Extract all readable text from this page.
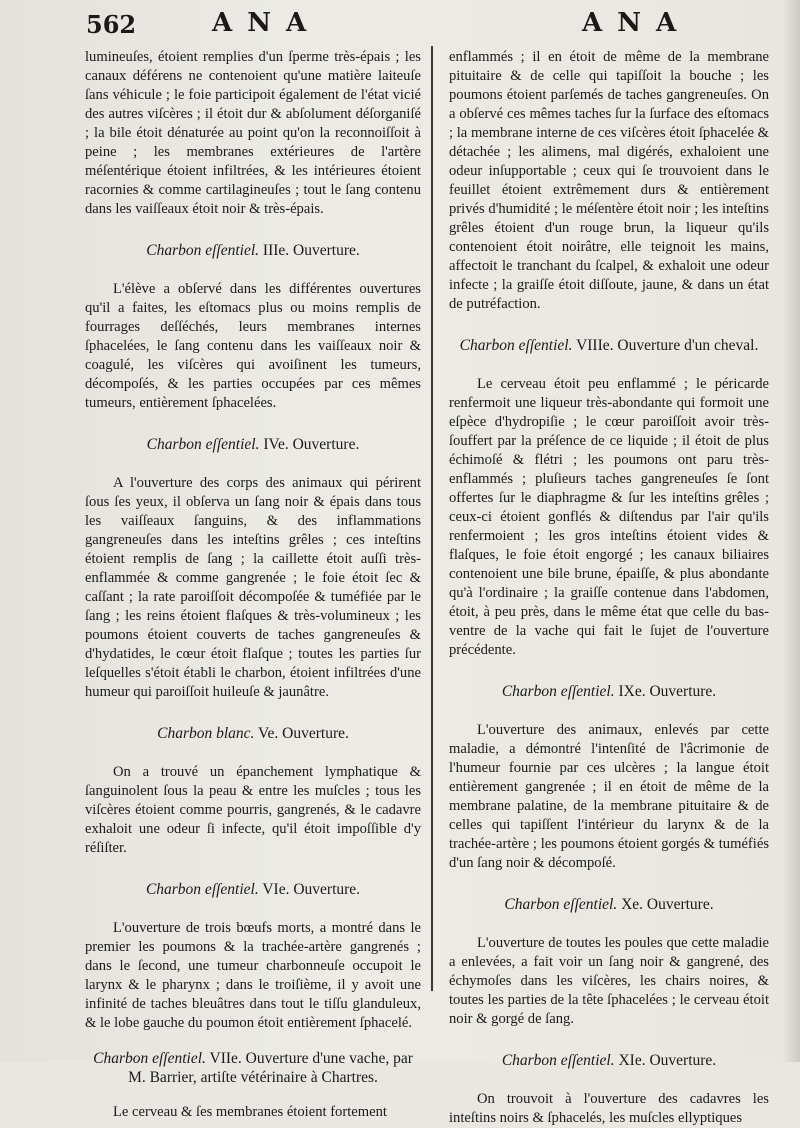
562	A N A	A N A

lumineuſes, étoient remplies d'un ſperme très-épais ; les canaux déférens ne contenoient qu'une matière laiteuſe ſans véhicule ; le foie participoit également de l'état vicié des autres viſcères ; il étoit dur & abſolument déſorganiſé ; la bile étoit dénaturée au point qu'on la reconnoiſſoit à peine ; les membranes extérieures de l'artère méſentérique étoient infiltrées, & les intérieures étoient racornies & comme cartilagineuſes ; tout le ſang contenu dans les vaiſſeaux étoit noir & très-épais.

Charbon eſſentiel. IIIe. Ouverture.

L'élève a obſervé dans les différentes ouvertures qu'il a faites, les eſtomacs plus ou moins remplis de fourrages deſſéchés, leurs membranes internes ſphacelées, le ſang contenu dans les vaiſſeaux noir & coagulé, les viſcères qui avoiſinent les tumeurs, décompoſés, & les parties occupées par ces mêmes tumeurs, entièrement ſphacelées.

Charbon eſſentiel. IVe. Ouverture.

A l'ouverture des corps des animaux qui périrent ſous ſes yeux, il obſerva un ſang noir & épais dans tous les vaiſſeaux ſanguins, & des inflammations gangreneuſes dans les inteſtins grêles ; ces inteſtins étoient remplis de ſang ; la caillette étoit auſſi très-enflammée & comme gangrenée ; le foie étoit ſec & caſſant ; la rate paroiſſoit décompoſée & tuméfiée par le ſang ; les reins étoient flaſques & très-volumineux ; les poumons étoient couverts de taches gangreneuſes & d'hydatides, le cœur étoit flaſque ; toutes les parties ſur leſquelles s'étoit établi le charbon, étoient infiltrées d'une humeur qui paroiſſoit huileuſe & jaunâtre.

Charbon blanc. Ve. Ouverture.

On a trouvé un épanchement lymphatique & ſanguinolent ſous la peau & entre les muſcles ; tous les viſcères étoient comme pourris, gangrenés, & le cadavre exhaloit une odeur ſi infecte, qu'il étoit impoſſible d'y réſiſter.

Charbon eſſentiel. VIe. Ouverture.

L'ouverture de trois bœufs morts, a montré dans le premier les poumons & la trachée-artère gangrenés ; dans le ſecond, une tumeur charbonneuſe occupoit le larynx & le pharynx ; dans le troiſième, il y avoit une infinité de taches bleuâtres dans tout le tiſſu glanduleux, & le lobe gauche du poumon étoit entièrement ſphacelé.

Charbon eſſentiel. VIIe. Ouverture d'une vache, par M. Barrier, artiſte vétérinaire à Chartres.

Le cerveau & ſes membranes étoient fortement

enflammés ; il en étoit de même de la membrane pituitaire & de celle qui tapiſſoit la bouche ; les poumons étoient parſemés de taches gangreneuſes. On a obſervé ces mêmes taches ſur la ſurface des eſtomacs ; la membrane interne de ces viſcères étoit ſphacelée & détachée ; les alimens, mal digérés, exhaloient une odeur inſupportable ; ceux qui ſe trouvoient dans le feuillet étoient extrêmement durs & entièrement privés d'humidité ; le méſentère étoit noir ; les inteſtins grêles étoient d'un rouge brun, la liqueur qu'ils contenoient étoit noirâtre, elle teignoit les mains, affectoit le tranchant du ſcalpel, & exhaloit une odeur infecte ; la graiſſe étoit diſſoute, jaune, & dans un état de putréfaction.

Charbon eſſentiel. VIIIe. Ouverture d'un cheval.

Le cerveau étoit peu enflammé ; le péricarde renfermoit une liqueur très-abondante qui formoit une eſpèce d'hydropiſie ; le cœur paroiſſoit avoir très-ſouffert par la préſence de ce liquide ; il étoit de plus échimoſé & flétri ; les poumons ont paru très-enflammés ; pluſieurs taches gangreneuſes ſe ſont offertes ſur le diaphragme & ſur les inteſtins grêles ; ceux-ci étoient gonflés & diſtendus par l'air qu'ils renfermoient ; les gros inteſtins étoient vides & flaſques, le foie étoit engorgé ; les canaux biliaires contenoient une bile brune, épaiſſe, & plus abondante qu'à l'ordinaire ; la graiſſe contenue dans l'abdomen, étoit, à peu près, dans le même état que celle du bas-ventre de la vache qui fait le ſujet de l'ouverture précédente.

Charbon eſſentiel. IXe. Ouverture.

L'ouverture des animaux, enlevés par cette maladie, a démontré l'intenſité de l'âcrimonie de l'humeur fournie par ces ulcères ; la langue étoit entièrement gangrenée ; il en étoit de même de la membrane palatine, de la membrane pituitaire & de celles qui tapiſſent l'intérieur du larynx & de la trachée-artère ; les poumons étoient gorgés & tuméfiés d'un ſang noir & décompoſé.

Charbon eſſentiel. Xe. Ouverture.

L'ouverture de toutes les poules que cette maladie a enlevées, a fait voir un ſang noir & gangrené, des échymoſes dans les viſcères, les chairs noires, & toutes les parties de la tête ſphacelées ; le cerveau étoit noir & gorgé de ſang.

Charbon eſſentiel. XIe. Ouverture.

On trouvoit à l'ouverture des cadavres les inteſtins noirs & ſphacelés, les muſcles ellyptiques
